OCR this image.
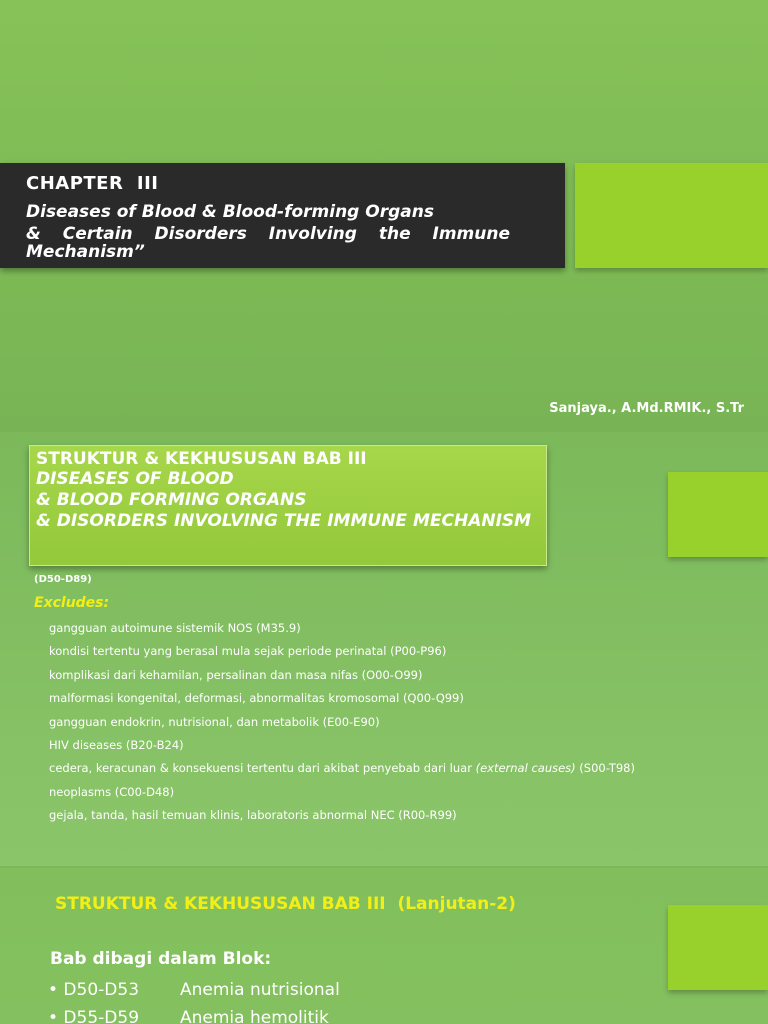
CHAPTER  III
Diseases of Blood & Blood-forming Organs
& Certain Disorders Involving the Immune Mechanism”
Sanjaya., A.Md.RMIK., S.Tr
STRUKTUR & KEKHUSUSAN BAB III
DISEASES OF BLOOD
& BLOOD FORMING ORGANS
& DISORDERS INVOLVING THE IMMUNE MECHANISM
(D50-D89)
Excludes:
gangguan autoimune sistemik NOS (M35.9)
kondisi tertentu yang berasal mula sejak periode perinatal (P00-P96)
komplikasi dari kehamilan, persalinan dan masa nifas (O00-O99)
malformasi kongenital, deformasi, abnormalitas kromosomal (Q00-Q99)
gangguan endokrin, nutrisional, dan metabolik (E00-E90)
HIV diseases (B20-B24)
cedera, keracunan & konsekuensi tertentu dari akibat penyebab dari luar (external causes) (S00-T98)
neoplasms (C00-D48)
gejala, tanda, hasil temuan klinis, laboratoris abnormal NEC (R00-R99)
STRUKTUR & KEKHUSUSAN BAB III  (Lanjutan-2)
Bab dibagi dalam Blok:
• D50-D53 Anemia nutrisional
• D55-D59 Anemia hemolitik
